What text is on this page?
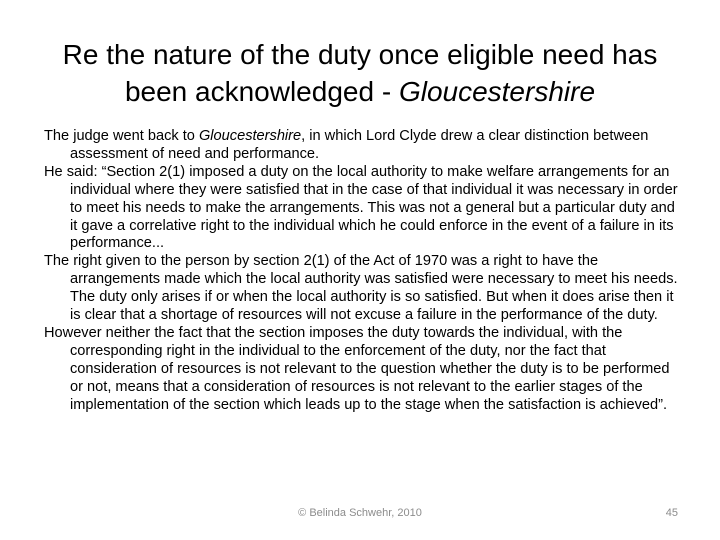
Re the nature of the duty once eligible need has been acknowledged - Gloucestershire

The judge went back to Gloucestershire, in which Lord Clyde drew a clear distinction between assessment of need and performance.

He said: “Section 2(1) imposed a duty on the local authority to make welfare arrangements for an individual where they were satisfied that in the case of that individual it was necessary in order to meet his needs to make the arrangements. This was not a general but a particular duty and it gave a correlative right to the individual which he could enforce in the event of a failure in its performance...

The right given to the person by section 2(1) of the Act of 1970 was a right to have the arrangements made which the local authority was satisfied were necessary to meet his needs. The duty only arises if or when the local authority is so satisfied. But when it does arise then it is clear that a shortage of resources will not excuse a failure in the performance of the duty.

However neither the fact that the section imposes the duty towards the individual, with the corresponding right in the individual to the enforcement of the duty, nor the fact that consideration of resources is not relevant to the question whether the duty is to be performed or not, means that a consideration of resources is not relevant to the earlier stages of the implementation of the section which leads up to the stage when the satisfaction is achieved”.

© Belinda Schwehr, 2010	45
